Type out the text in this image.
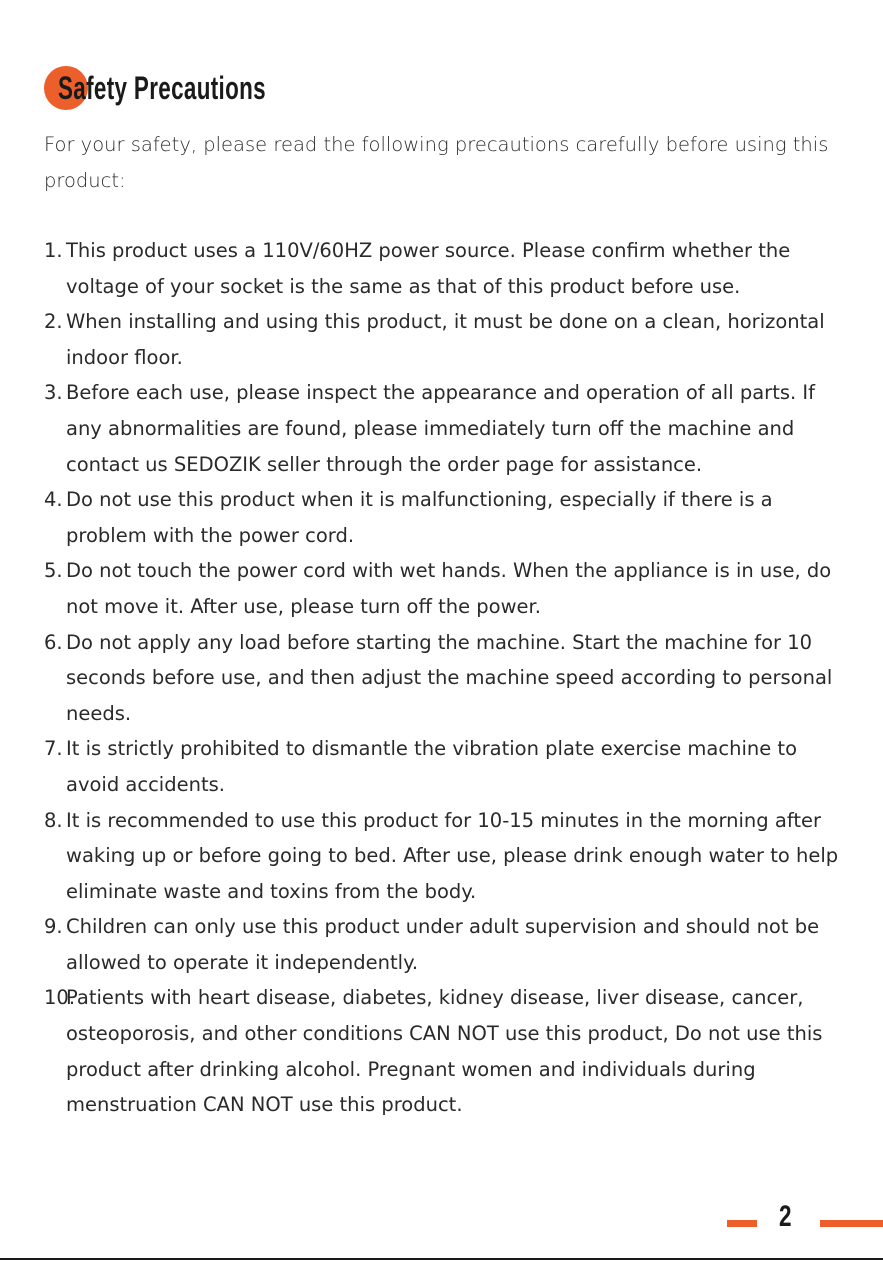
Safety Precautions
For your safety, please read the following precautions carefully before using this product:
1. This product uses a 110V/60HZ power source. Please confirm whether the voltage of your socket is the same as that of this product before use.
2. When installing and using this product, it must be done on a clean, horizontal indoor floor.
3. Before each use, please inspect the appearance and operation of all parts. If any abnormalities are found, please immediately turn off the machine and contact us SEDOZIK seller through the order page for assistance.
4. Do not use this product when it is malfunctioning, especially if there is a problem with the power cord.
5. Do not touch the power cord with wet hands. When the appliance is in use, do not move it. After use, please turn off the power.
6. Do not apply any load before starting the machine. Start the machine for 10 seconds before use, and then adjust the machine speed according to personal needs.
7. It is strictly prohibited to dismantle the vibration plate exercise machine to avoid accidents.
8. It is recommended to use this product for 10-15 minutes in the morning after waking up or before going to bed. After use, please drink enough water to help eliminate waste and toxins from the body.
9. Children can only use this product under adult supervision and should not be allowed to operate it independently.
10.
Patients with heart disease, diabetes, kidney disease, liver disease, cancer, osteoporosis, and other conditions CAN NOT use this product, Do not use this product after drinking alcohol. Pregnant women and individuals during menstruation CAN NOT use this product.
2
